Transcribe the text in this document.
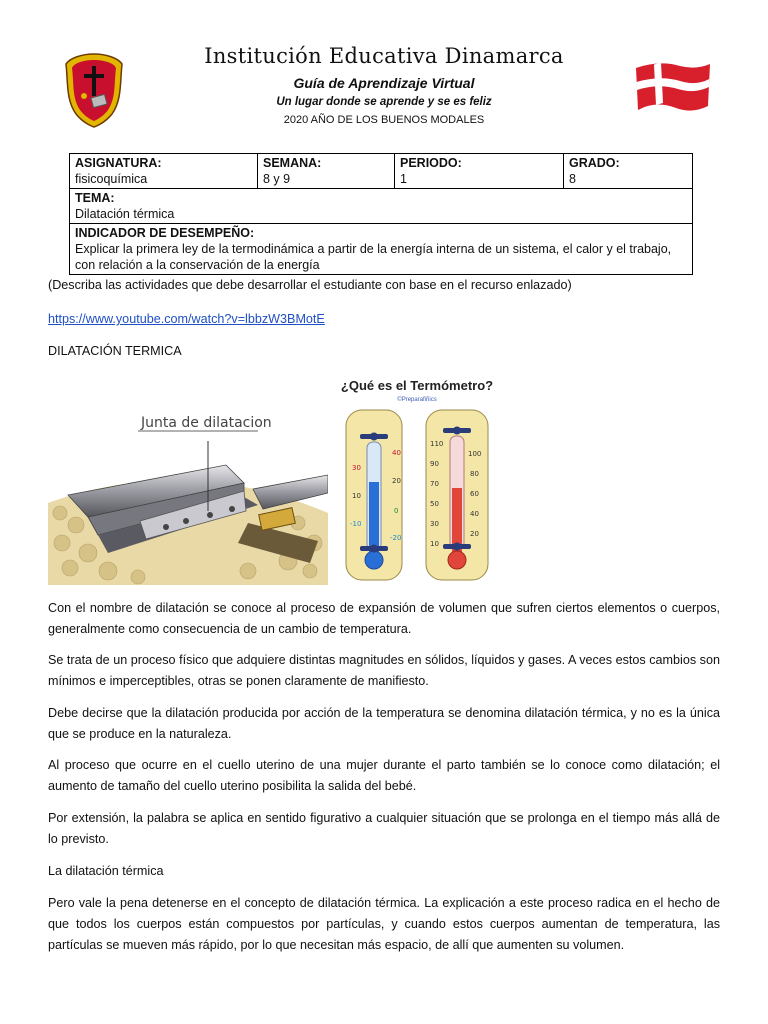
Institución Educativa Dinamarca
Guía de Aprendizaje Virtual
Un lugar donde se aprende y se es feliz
2020 AÑO DE LOS BUENOS MODALES
ASIGNATURA:
fisicoquímica	
SEMANA:
8 y 9	
PERIODO:
1	
GRADO:
8

TEMA:
Dilatación térmica

INDICADOR DE DESEMPEÑO:
Explicar la primera ley de la termodinámica a partir de la energía interna de un sistema, el calor y el trabajo, con relación a la conservación de la energía
(Describa las actividades que debe desarrollar el estudiante con base en el recurso enlazado)
https://www.youtube.com/watch?v=lbbzW3BMotE
DILATACIÓN TERMICA
Junta de dilatacion
¿Qué es el Termómetro?
©Preparafiñics
40
30
20
10
0
-10
-20
110
90
70
50
30
10
100
80
60
40
20
Con el nombre de dilatación se conoce al proceso de expansión de volumen que sufren ciertos elementos o cuerpos, generalmente como consecuencia de un cambio de temperatura.
Se trata de un proceso físico que adquiere distintas magnitudes en sólidos, líquidos y gases. A veces estos cambios son mínimos e imperceptibles, otras se ponen claramente de manifiesto.
Debe decirse que la dilatación producida por acción de la temperatura se denomina dilatación térmica, y no es la única que se produce en la naturaleza.
Al proceso que ocurre en el cuello uterino de una mujer durante el parto también se lo conoce como dilatación; el aumento de tamaño del cuello uterino posibilita la salida del bebé.
Por extensión, la palabra se aplica en sentido figurativo a cualquier situación que se prolonga en el tiempo más allá de lo previsto.
La dilatación térmica
Pero vale la pena detenerse en el concepto de dilatación térmica. La explicación a este proceso radica en el hecho de que todos los cuerpos están compuestos por partículas, y cuando estos cuerpos aumentan de temperatura, las partículas se mueven más rápido, por lo que necesitan más espacio, de allí que aumenten su volumen.
